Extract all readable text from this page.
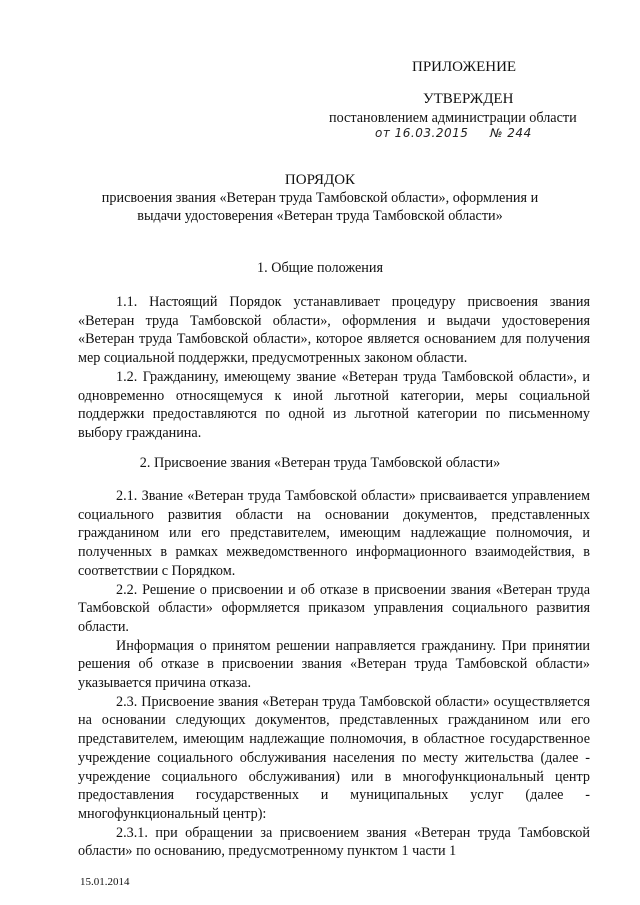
ПРИЛОЖЕНИЕ
УТВЕРЖДЕН
постановлением администрации области
от 16.03.2015 № 244
ПОРЯДОК
присвоения звания «Ветеран труда Тамбовской области», оформления и
выдачи удостоверения «Ветеран труда Тамбовской области»
1. Общие положения

1.1. Настоящий Порядок устанавливает процедуру присвоения звания «Ветеран труда Тамбовской области», оформления и выдачи удостоверения «Ветеран труда Тамбовской области», которое является основанием для получения мер социальной поддержки, предусмотренных законом области.

1.2. Гражданину, имеющему звание «Ветеран труда Тамбовской области», и одновременно относящемуся к иной льготной категории, меры социальной поддержки предоставляются по одной из льготной категории по письменному выбору гражданина.

2. Присвоение звания «Ветеран труда Тамбовской области»

2.1. Звание «Ветеран труда Тамбовской области» присваивается управлением социального развития области на основании документов, представленных гражданином или его представителем, имеющим надлежащие полномочия, и полученных в рамках межведомственного информационного взаимодействия, в соответствии с Порядком.

2.2. Решение о присвоении и об отказе в присвоении звания «Ветеран труда Тамбовской области» оформляется приказом управления социального развития области.

Информация о принятом решении направляется гражданину. При принятии решения об отказе в присвоении звания «Ветеран труда Тамбовской области» указывается причина отказа.

2.3. Присвоение звания «Ветеран труда Тамбовской области» осуществляется на основании следующих документов, представленных гражданином или его представителем, имеющим надлежащие полномочия, в областное государственное учреждение социального обслуживания населения по месту жительства (далее - учреждение социального обслуживания) или в многофункциональный центр предоставления государственных и муниципальных услуг (далее - многофункциональный центр):

2.3.1. при обращении за присвоением звания «Ветеран труда Тамбовской области» по основанию, предусмотренному пунктом 1 части 1

15.01.2014
